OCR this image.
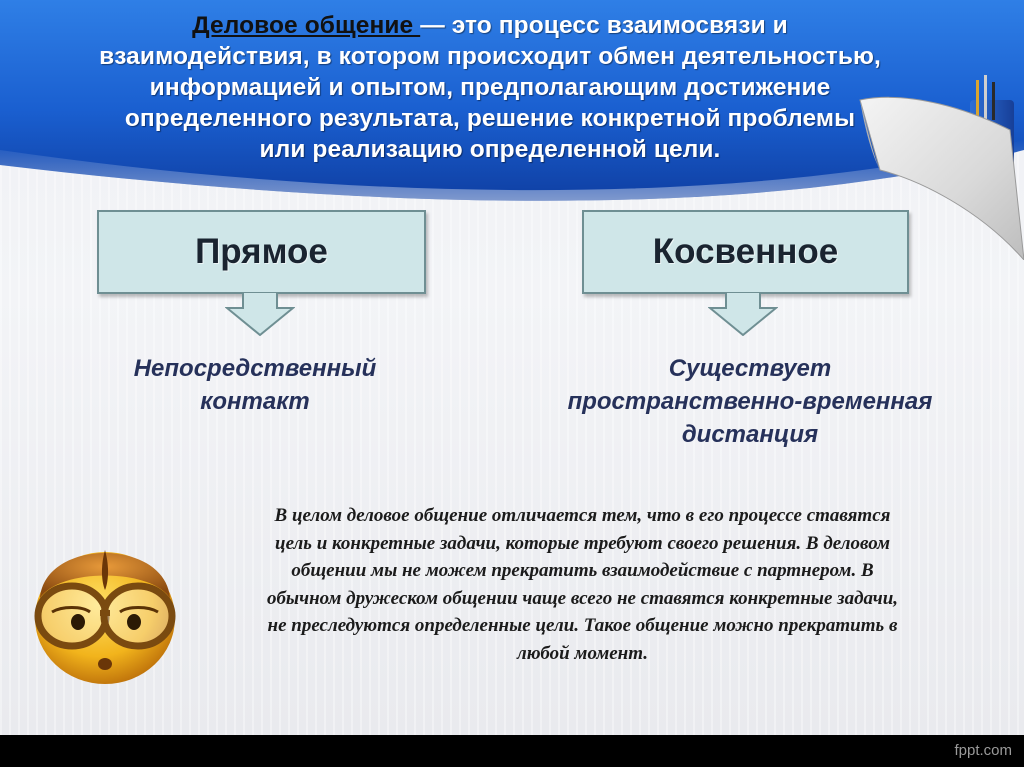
Деловое общение — это процесс взаимосвязи и
взаимодействия, в котором происходит обмен деятельностью,
информацией и опытом, предполагающим достижение
определенного результата, решение конкретной проблемы
или реализацию определенной цели.
Прямое	Косвенное
Непосредственный
контакт
Существует
пространственно-временная
дистанция
В целом деловое общение отличается тем, что в его процессе ставятся
цель и конкретные задачи, которые требуют своего решения. В деловом
общении мы не можем прекратить взаимодействие с партнером. В
обычном дружеском общении чаще всего не ставятся конкретные задачи,
не преследуются определенные цели. Такое общение можно прекратить в
любой момент.
fppt.com
